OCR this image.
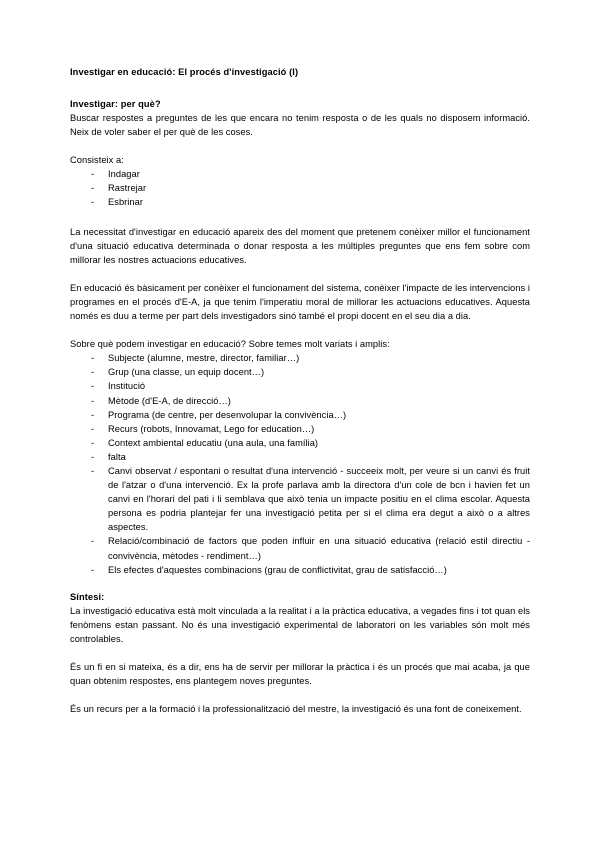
Investigar en educació: El procés d'investigació (I)
Investigar: per què?

Buscar respostes a preguntes de les que encara no tenim resposta o de les quals no disposem informació. Neix de voler saber el per què de les coses.

Consisteix a:

-	Indagar
-	Rastrejar
-	Esbrinar

La necessitat d'investigar en educació apareix des del moment que pretenem conèixer millor el funcionament d'una situació educativa determinada o donar resposta a les múltiples preguntes que ens fem sobre com millorar les nostres actuacions educatives.

En educació és bàsicament per conèixer el funcionament del sistema, conèixer l'impacte de les intervencions i programes en el procés d'E-A, ja que tenim l'imperatiu moral de millorar les actuacions educatives. Aquesta només es duu a terme per part dels investigadors sinó també el propi docent en el seu dia a dia.

Sobre què podem investigar en educació? Sobre temes molt variats i amplis:

-	Subjecte (alumne, mestre, director, familiar…)
-	Grup (una classe, un equip docent…)
-	Institució
-	Mètode (d'E-A, de direcció…)
-	Programa (de centre, per desenvolupar la convivència…)
-	Recurs (robots, Innovamat, Lego for education…)
-	Context ambiental educatiu (una aula, una família)
-	falta
-	Canvi observat / espontani o resultat d'una intervenció - succeeix molt, per veure si un canvi és fruit de l'atzar o d'una intervenció. Ex la profe parlava amb la directora d'un cole de bcn i havien fet un canvi en l'horari del pati i li semblava que això tenia un impacte positiu en el clima escolar. Aquesta persona es podria plantejar fer una investigació petita per si el clima era degut a això o a altres aspectes.
-	Relació/combinació de factors que poden influir en una situació educativa (relació estil directiu - convivència, mètodes - rendiment…)
-	Els efectes d'aquestes combinacions (grau de conflictivitat, grau de satisfacció…)
Síntesi:

La investigació educativa està molt vinculada a la realitat i a la pràctica educativa, a vegades fins i tot quan els fenòmens estan passant. No és una investigació experimental de laboratori on les variables són molt més controlables.

És un fi en si mateixa, és a dir, ens ha de servir per millorar la pràctica i és un procés que mai acaba, ja que quan obtenim respostes, ens plantegem noves preguntes.

És un recurs per a la formació i la professionalització del mestre, la investigació és una font de coneixement.
